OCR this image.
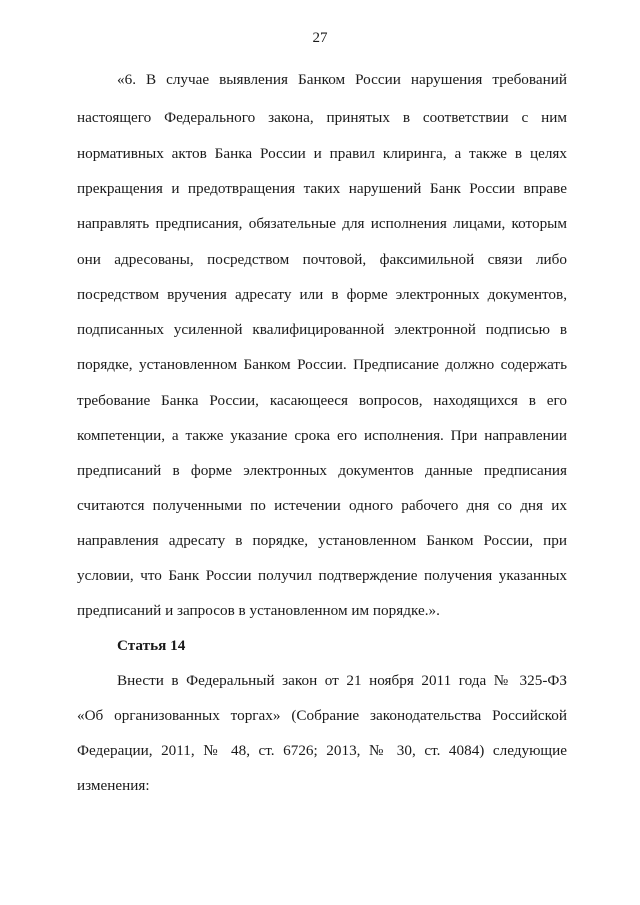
27
«6. В случае выявления Банком России нарушения требований
настоящего Федерального закона, принятых в соответствии с ним
нормативных актов Банка России и правил клиринга, а также в целях
прекращения и предотвращения таких нарушений Банк России вправе
направлять предписания, обязательные для исполнения лицами, которым
они адресованы, посредством почтовой, факсимильной связи либо
посредством вручения адресату или в форме электронных документов,
подписанных усиленной квалифицированной электронной подписью в
порядке, установленном Банком России. Предписание должно содержать
требование Банка России, касающееся вопросов, находящихся в его
компетенции, а также указание срока его исполнения. При направлении
предписаний в форме электронных документов данные предписания
считаются полученными по истечении одного рабочего дня со дня их
направления адресату в порядке, установленном Банком России, при
условии, что Банк России получил подтверждение получения указанных
предписаний и запросов в установленном им порядке.».
Статья 14
Внести в Федеральный закон от 21 ноября 2011 года № 325-ФЗ
«Об организованных торгах» (Собрание законодательства Российской
Федерации, 2011, № 48, ст. 6726; 2013, № 30, ст. 4084) следующие
изменения:
